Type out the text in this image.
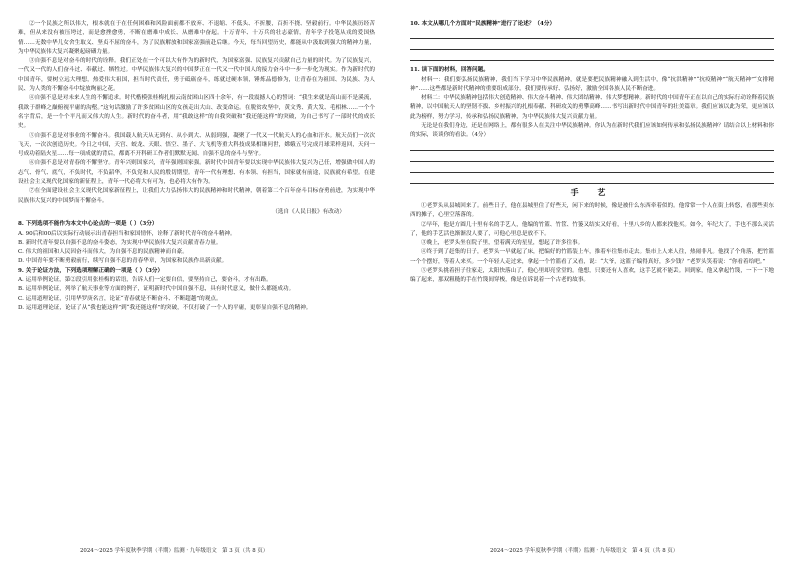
②一个民族之所以伟大，根本就在于在任何困难和风险面前都不放弃、不退缩、不低头、不折腰，百折不挠、坚毅前行。中华民族历经苦难，但从来没有被压垮过，而是愈挫愈勇，不断在磨难中成长、从磨难中奋起。十万青年、十万兵的壮志豪情，青年学子投笔从戎的爱国热情……无数中华儿女舍生取义、坚贞不屈的奋斗，为了民族解放和国家富强前赴后继。今天，每当回望历史，都能从中汲取到强大的精神力量，为中华民族伟大复兴凝聚起磅礴力量。

③自强不息是对奋斗的时代的诠释。我们正处在一个可以大有作为的新时代，为国家富强、民族复兴贡献自己力量的时代。为了民族复兴，一代又一代的人们奋斗过、奉献过、牺牲过。中华民族伟大复兴的中国梦正在一代又一代中国人的接力奋斗中一步一步化为现实。作为新时代的中国青年，要树立远大理想，热爱伟大祖国，担当时代责任，勇于砥砺奋斗，练就过硬本领，锤炼品德修为，让青春在为祖国、为民族、为人民、为人类的不懈奋斗中绽放绚丽之花。

④自强不息是对未来人生的不懈追求。时代楷模张桂梅扎根云南贫困山区四十余年，有一段震撼人心的誓词：“我生来就是高山而不是溪流，我欲于群峰之巅俯视平庸的沟壑。”这句话激励了许多贫困山区的女孩走出大山、改变命运。在脱贫攻坚中，黄文秀、黄大发、毛相林……一个个名字背后，是一个个平凡而又伟大的人生。新时代的奋斗者，用“我敢这样”的自我突破和“我还能这样”的突破，为自己书写了一部时代的成长史。

⑤自强不息是对事业的不懈奋斗。我国载人航天从无到有、从小到大、从弱到强，凝聚了一代又一代航天人的心血和汗水。航天员们一次次飞天，一次次创造历史。今日之中国，天宫、蛟龙、天眼、悟空、墨子、大飞机等重大科技成果相继问世，嫦娥五号完成月球采样返回，天问一号成功着陆火星……每一项成就的背后，都离不开科研工作者们默默无闻、自强不息的奋斗与坚守。

⑥自强不息是对青春的不懈坚守。青年兴则国家兴，青年强则国家强。新时代中国青年要以实现中华民族伟大复兴为己任，增强做中国人的志气、骨气、底气，不负时代，不负韶华，不负党和人民的殷切期望。青年一代有理想、有本领、有担当，国家就有前途，民族就有希望。在建设社会主义现代化国家的新征程上，青年一代必将大有可为，也必将大有作为。

⑦在全面建设社会主义现代化国家新征程上，让我们大力弘扬伟大的民族精神和时代精神，朝着第二个百年奋斗目标奋勇前进，为实现中华民族伟大复兴的中国梦而不懈奋斗。

（选自《人民日报》有改动）

8. 下列选项不能作为本文中心论点的一项是（ ）（3分）

A. 90后和00后以实际行动展示出青春担当和家国情怀，诠释了新时代青年的奋斗精神。

B. 新时代青年要以自强不息的奋斗姿态，为实现中华民族伟大复兴贡献青春力量。

C. 伟大的祖国和人民因奋斗而伟大，为自强不息的民族精神而自豪。

D. 中国青年要不断勇毅前行，续写自强不息的青春华章，为国家和民族作出新贡献。

9. 关于论证方法，下列选项理解正确的一项是（ ）（3分）

A. 运用举例论证，第②段引用张桂梅的话语，告诉人们一定要自信，要坚持自己，要奋斗，才有出路。

B. 运用举例论证，列举了航天事业等方面的例子，证明新时代中国自强不息，具有时代意义，做什么都能成功。

C. 运用道理论证，引用华罗庚名言，论证“青春就是不断奋斗、不断超越”的观点。

D. 运用道理论证，论证了从“我也能这样”到“我还能这样”的突破，不仅打破了一个人的平庸，更彰显自强不息的精神。

10. 本文从哪几个方面对“民族精神”进行了论述？（4分）

11. 读下面的材料，回答问题。

材料一：我们要弘扬民族精神，我们当下学习中华民族精神，就是要把民族精神融入到生活中，像“抗洪精神”“抗疫精神”“航天精神”“女排精神”……这些都是新时代精神的重要组成部分，我们要传承好、弘扬好，激励全国各族人民不断奋进。

材料二：中华民族精神包括伟大创造精神、伟大奋斗精神、伟大团结精神、伟大梦想精神。新时代的中国青年正在以自己的实际行动诠释着民族精神，以中国航天人的坚韧不拔、乡村振兴的扎根奉献、科研攻关的勇攀高峰……书写出新时代中国青年的壮美篇章。我们应该以此为荣，更应该以此为榜样，努力学习，传承和弘扬民族精神，为中华民族伟大复兴贡献力量。

无论是在我们身边，还是在网络上，都有很多人在关注中华民族精神。你认为在新时代我们应该如何传承和弘扬民族精神？请结合以上材料和你的实际，谈谈你的看法。（4分）

手 艺

①老罗头从县城回来了。前些日子，他在县城里住了好些天，闲下来的时候，像是被什么东西牵着似的。他常常一个人在街上转悠，看那些卖东西的摊子，心里空落落的。

②早年，他是方圆几十里有名的手艺人，他编的竹篮、竹筐、竹篓又结实又好看，十里八乡的人都来找他买。如今，年纪大了，手也不那么灵活了，他的手艺活也渐渐没人要了，可他心里总是放不下。

③晚上，老罗头坐在院子里，望着满天的星星，想起了许多往事。

④终于到了赶集的日子，老罗头一早就起了床，把编好的竹篮装上车，推着车往集市走去。集市上人来人往，热闹非凡。他找了个角落，把竹篮一个个摆好，等着人来买。一个年轻人走过来，拿起一个竹篮看了又看，说：“大爷，这篮子编得真好，多少钱？”老罗头笑着说：“你看着给吧。”

⑤老罗头挑着担子往家走，太阳快落山了，他心里却亮堂堂的。他想，只要还有人喜欢，这手艺就不能丢。回到家，他又拿起竹篾，一下一下地编了起来，那双粗糙的手在竹篾间穿梭，像是在诉说着一个古老的故事。

2024～2025 学年度秋季学期（半期）监测 · 九年级语文　第 3 页（共 8 页）	2024～2025 学年度秋季学期（半期）监测 · 九年级语文　第 4 页（共 8 页）
